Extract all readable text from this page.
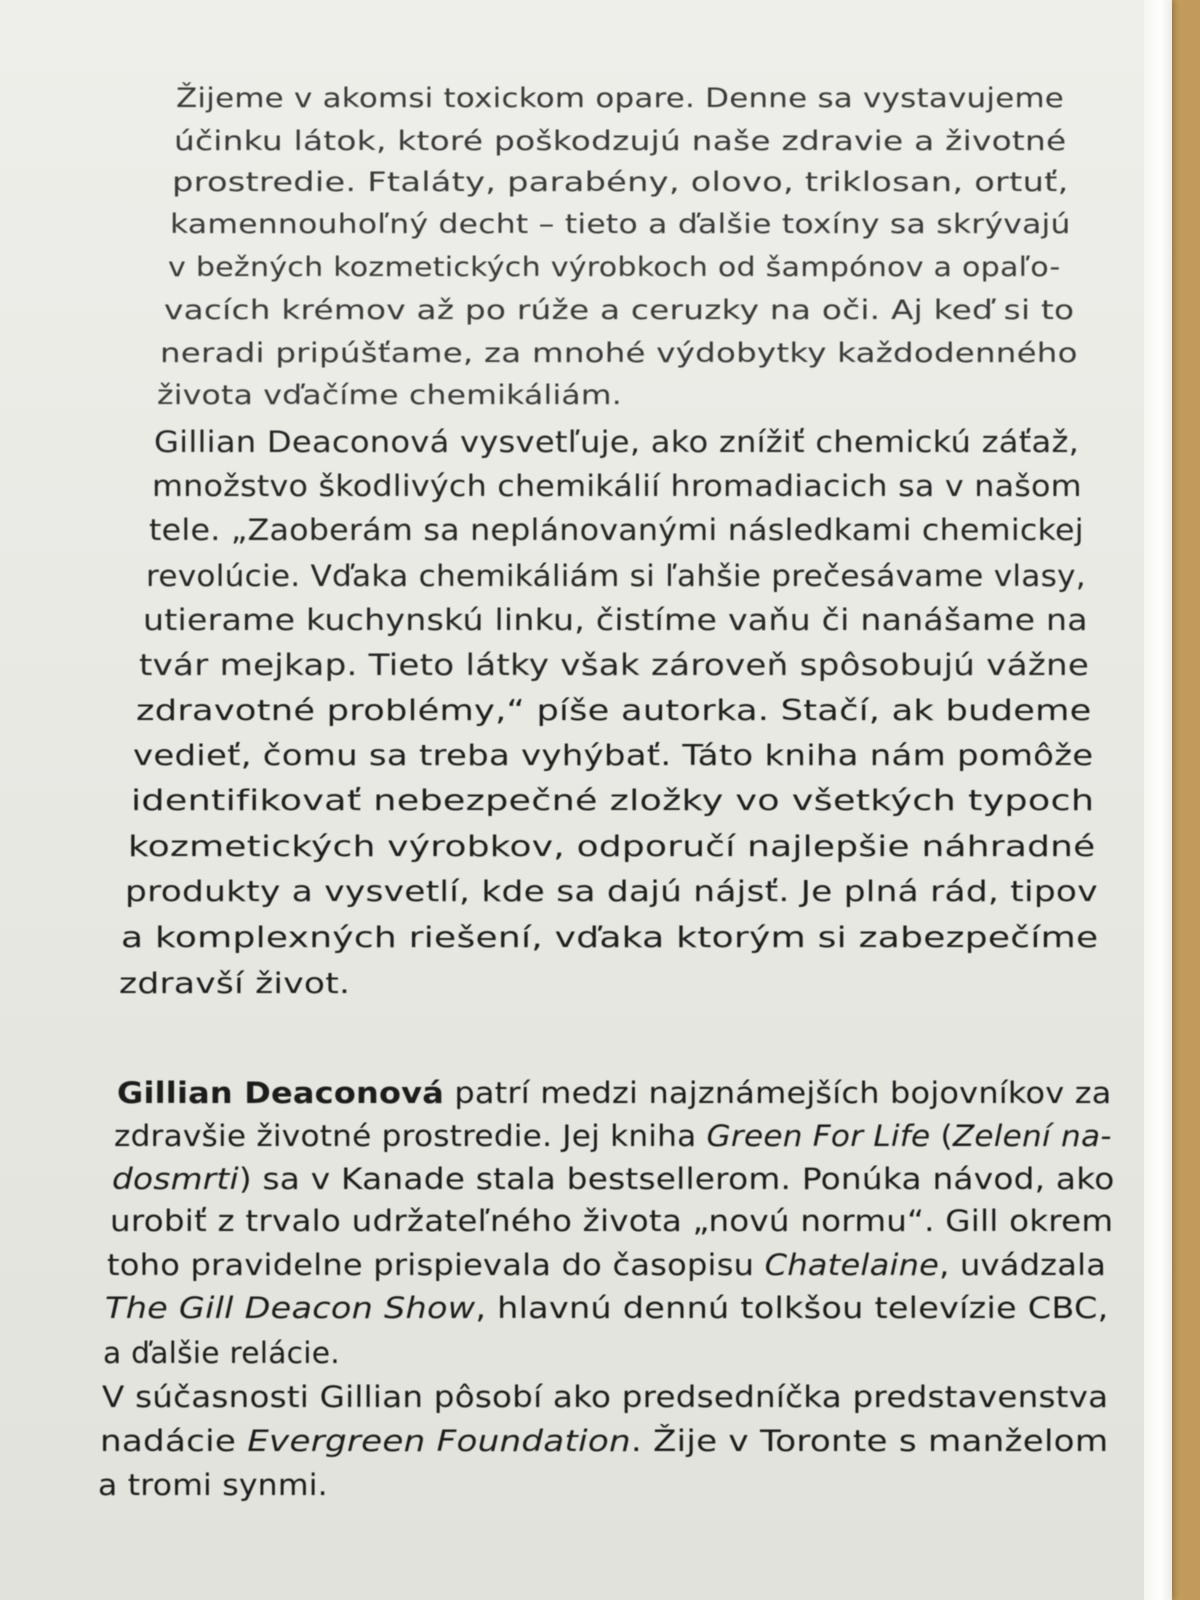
Žijeme v akomsi toxickom opare. Denne sa vystavujeme
účinku látok, ktoré poškodzujú naše zdravie a životné
prostredie. Ftaláty, parabény, olovo, triklosan, ortuť,
kamennouhoľný decht – tieto a ďalšie toxíny sa skrývajú
v bežných kozmetických výrobkoch od šampónov a opaľo-
vacích krémov až po rúže a ceruzky na oči. Aj keď si to
neradi pripúšťame, za mnohé výdobytky každodenného
života vďačíme chemikáliám.
Gillian Deaconová vysvetľuje, ako znížiť chemickú záťaž,
množstvo škodlivých chemikálií hromadiacich sa v našom
tele. „Zaoberám sa neplánovanými následkami chemickej
revolúcie. Vďaka chemikáliám si ľahšie prečesávame vlasy,
utierame kuchynskú linku, čistíme vaňu či nanášame na
tvár mejkap. Tieto látky však zároveň spôsobujú vážne
zdravotné problémy,“ píše autorka. Stačí, ak budeme
vedieť, čomu sa treba vyhýbať. Táto kniha nám pomôže
identifikovať nebezpečné zložky vo všetkých typoch
kozmetických výrobkov, odporučí najlepšie náhradné
produkty a vysvetlí, kde sa dajú nájsť. Je plná rád, tipov
a komplexných riešení, vďaka ktorým si zabezpečíme
zdravší život.
Gillian Deaconová patrí medzi najznámejších bojovníkov za
zdravšie životné prostredie. Jej kniha Green For Life (Zelení na-
dosmrti) sa v Kanade stala bestsellerom. Ponúka návod, ako
urobiť z trvalo udržateľného života „novú normu“. Gill okrem
toho pravidelne prispievala do časopisu Chatelaine, uvádzala
The Gill Deacon Show, hlavnú dennú tolkšou televízie CBC,
a ďalšie relácie.
V súčasnosti Gillian pôsobí ako predsedníčka predstavenstva
nadácie Evergreen Foundation. Žije v Toronte s manželom
a tromi synmi.
